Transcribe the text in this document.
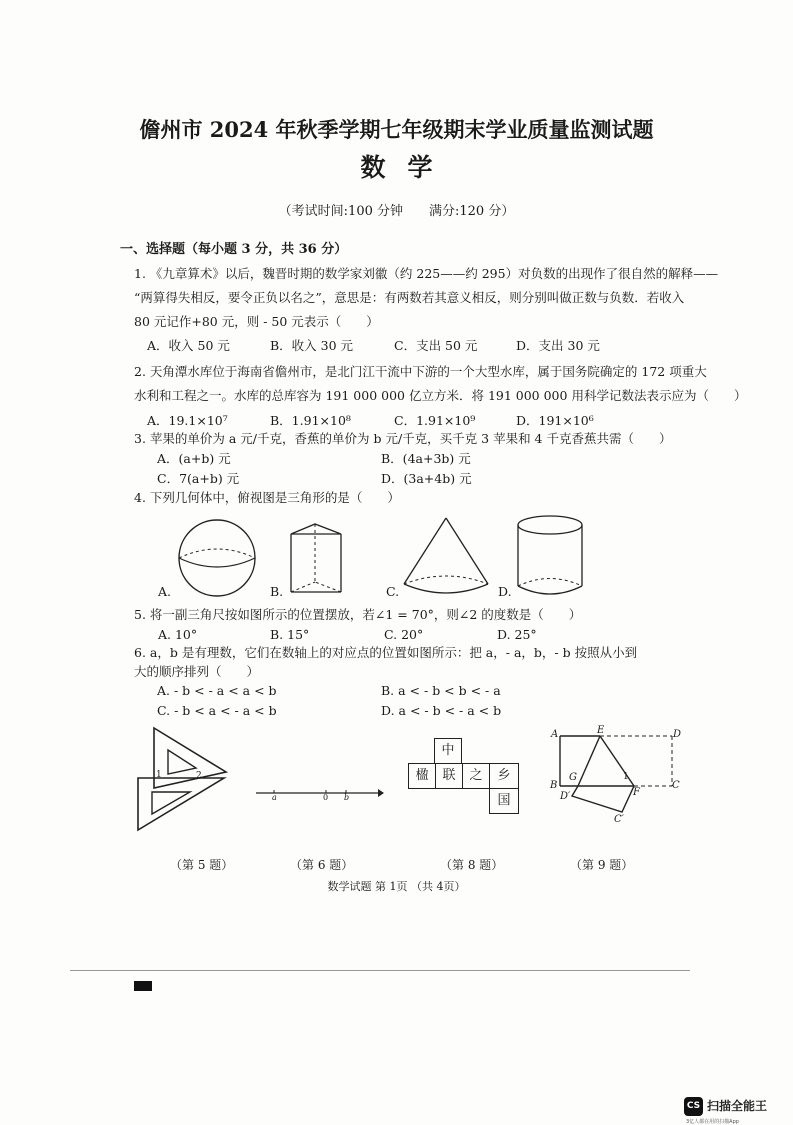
儋州市 2024 年秋季学期七年级期末学业质量监测试题
数学
（考试时间:100 分钟　　满分:120 分）
一、选择题（每小题 3 分，共 36 分）
1. 《九章算术》以后，魏晋时期的数学家刘徽（约 225——约 295）对负数的出现作了很自然的解释——
“两算得失相反，要令正负以名之”，意思是：有两数若其意义相反，则分别叫做正数与负数．若收入
80 元记作+80 元，则 - 50 元表示（　　）
A．收入 50 元	B．收入 30 元	C．支出 50 元	D．支出 30 元
2. 天角潭水库位于海南省儋州市，是北门江干流中下游的一个大型水库，属于国务院确定的 172 项重大
水利和工程之一。水库的总库容为 191 000 000 亿立方米．将 191 000 000 用科学记数法表示应为（　　）
A．19.1×10⁷	B．1.91×10⁸	C．1.91×10⁹	D．191×10⁶
3. 苹果的单价为 a 元/千克，香蕉的单价为 b 元/千克，买千克 3 苹果和 4 千克香蕉共需（　　）
A．(a+b) 元	B．(4a+3b) 元
C．7(a+b) 元	D．(3a+4b) 元
4. 下列几何体中，俯视图是三角形的是（　　）
A.	B.	C.	D.
5. 将一副三角尺按如图所示的位置摆放，若∠1 = 70°，则∠2 的度数是（　　）
A. 10°	B. 15°	C. 20°	D. 25°
6. a，b 是有理数，它们在数轴上的对应点的位置如图所示：把 a，- a，b，- b 按照从小到
大的顺序排列（　　）
A. - b < - a < a < b	B. a < - b < b < - a
C. - b < a < - a < b	D. a < - b < - a < b
1	2
（第 5 题）
a	0 b
（第 6 题）
中
楹	联	之	乡
国
（第 8 题）
A	E	D
B
G	1
F
C
D′
C′
（第 9 题）
数学试题 第 1页 （共 4页）
CS 扫描全能王
3亿人都在用的扫描App
